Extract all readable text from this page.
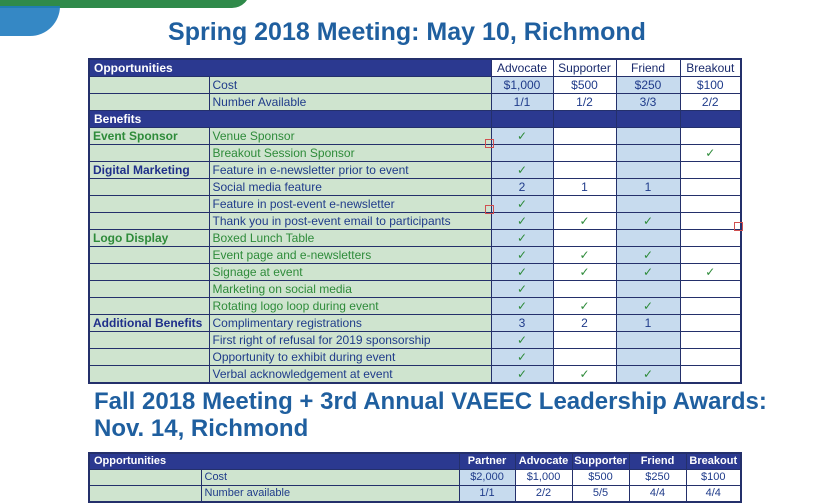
Spring 2018 Meeting: May 10, Richmond
Opportunities		Advocate	Supporter	Friend	Breakout
	Cost	$1,000	$500	$250	$100
	Number Available	1/1	1/2	3/3	2/2
Benefits					
Event Sponsor	Venue Sponsor	✓			
	Breakout Session Sponsor				✓
Digital Marketing	Feature in e-newsletter prior to event	✓			
	Social media feature	2	1	1	
	Feature in post-event e-newsletter	✓			
	Thank you in post-event email to participants	✓	✓	✓	
Logo Display	Boxed Lunch Table	✓			
	Event page and e-newsletters	✓	✓	✓	
	Signage at event	✓	✓	✓	✓
	Marketing on social media	✓			
	Rotating logo loop during event	✓	✓	✓	
Additional Benefits	Complimentary registrations	3	2	1	
	First right of refusal for 2019 sponsorship	✓			
	Opportunity to exhibit during event	✓			
	Verbal acknowledgement at event	✓	✓	✓	
Fall 2018 Meeting + 3rd Annual VAEEC Leadership Awards: Nov. 14, Richmond
Opportunities		Partner	Advocate	Supporter	Friend	Breakout
	Cost	$2,000	$1,000	$500	$250	$100
	Number available	1/1	2/2	5/5	4/4	4/4
